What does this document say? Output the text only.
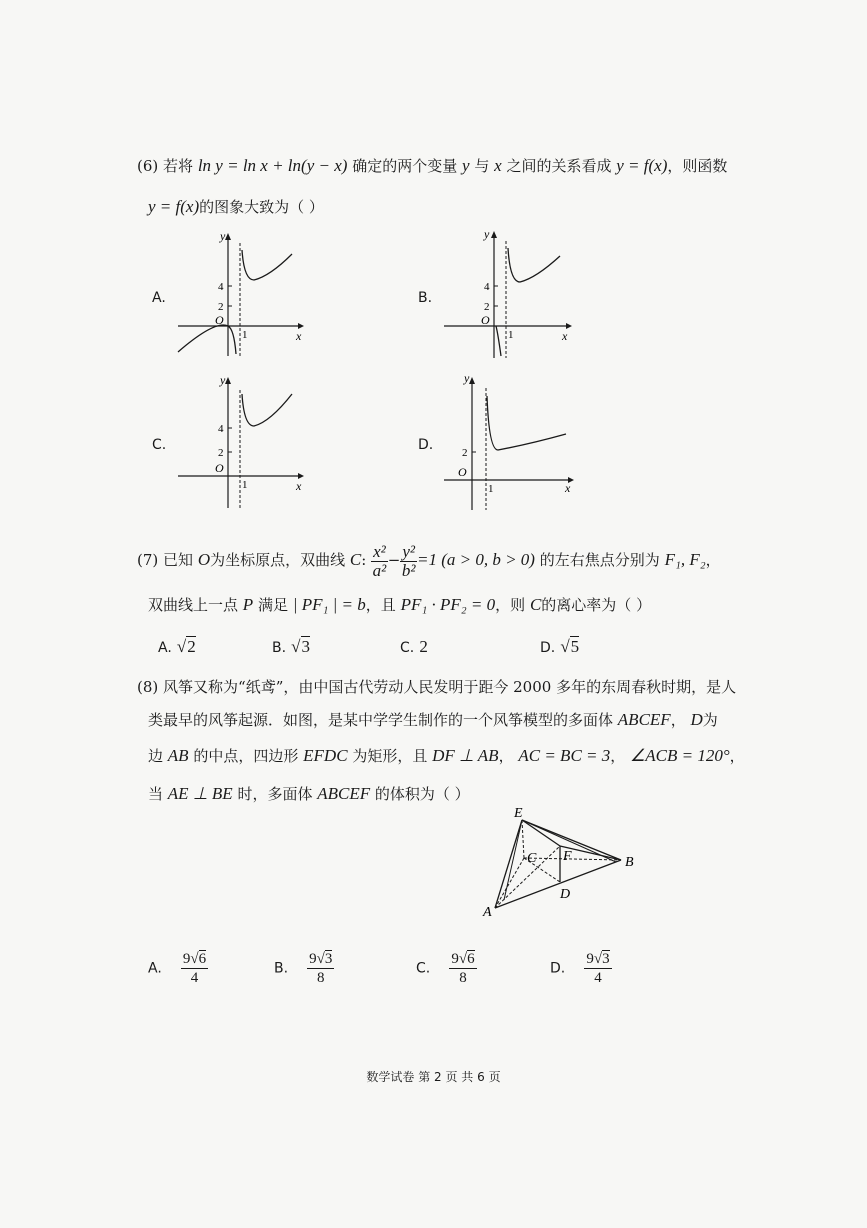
(6) 若将 ln y = ln x + ln(y − x) 确定的两个变量 y 与 x 之间的关系看成 y = f(x)，则函数
y = f(x)的图象大致为（ ）
A.	B.
C.	D.
y
x
O
1
2
4
y
x
O
1
2
4
y
x
O
1
2
4
y
x
O
1
2
(7) 已知 O为坐标原点，双曲线 C: $\frac{\text{x²}}{\text{a²}} - \frac{\text{y²}}{\text{b²}} =1$ (a > 0, b > 0) 的左右焦点分别为 F₁, F₂，
双曲线上一点 P 满足 | PF₁ | = b，且 PF₁ · PF₂ = 0，则 C的离心率为（ ）
A. √2	B. √3	C. 2	D. √5
(8) 风筝又称为“纸鸢”，由中国古代劳动人民发明于距今 2000 多年的东周春秋时期，是人
类最早的风筝起源．如图，是某中学学生制作的一个风筝模型的多面体 ABCEF， D为
边 AB 的中点，四边形 EFDC 为矩形，且 DF ⊥ AB， AC = BC = 3， ∠ACB = 120°，
当 AE ⊥ BE 时，多面体 ABCEF 的体积为（ ）
E
C F	B
D
A
A. $\frac{9√6}{4}$	B. $\frac{9√3}{8}$	C. $\frac{9√6}{8}$	D. $\frac{9√3}{4}$
数学试卷 第 2 页 共 6 页
